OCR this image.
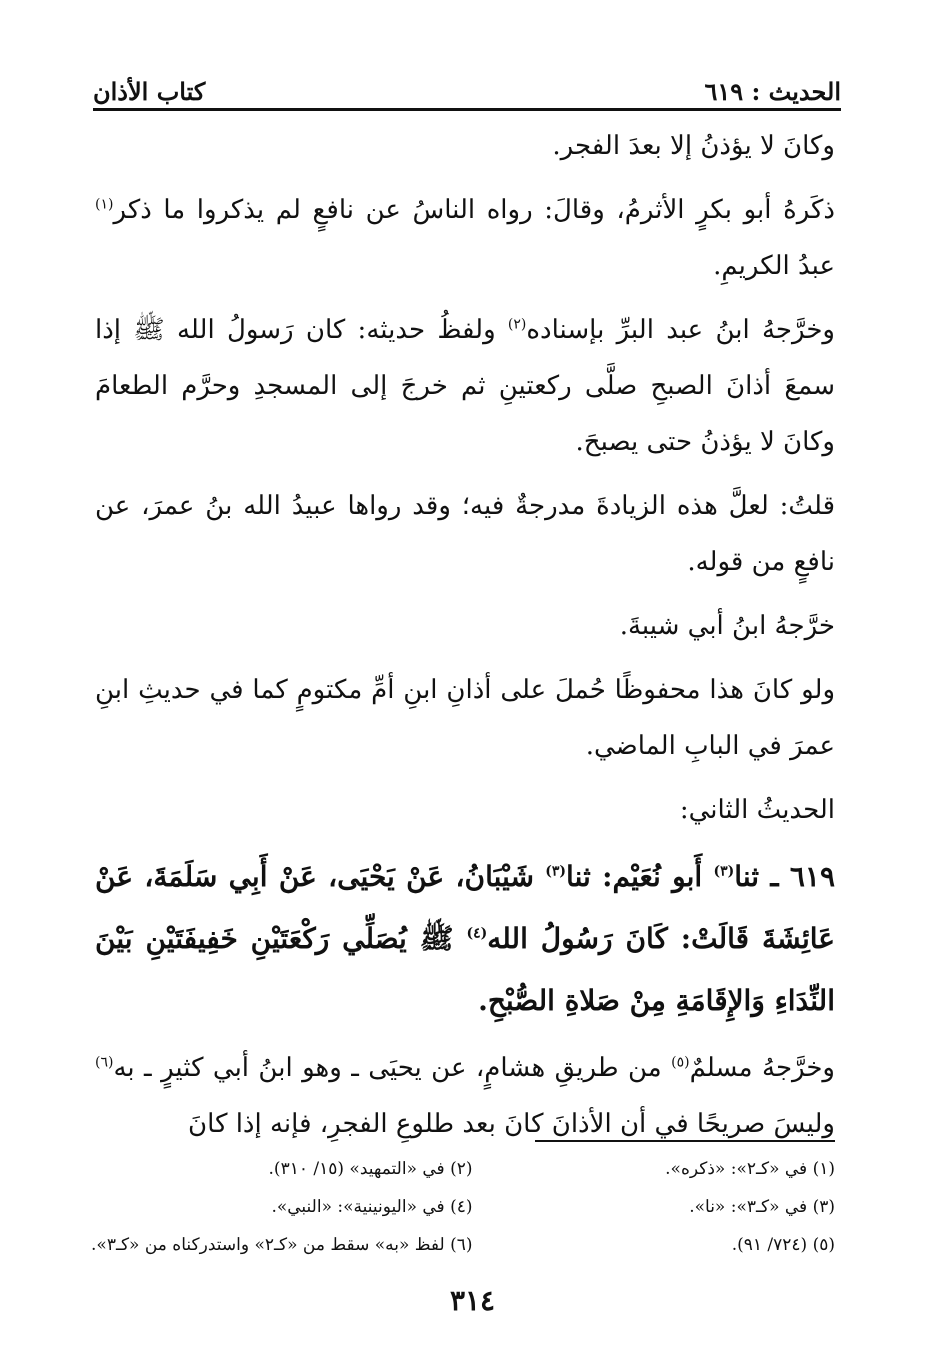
الحديث : ٦١٩
كتاب الأذان

وكانَ لا يؤذنُ إلا بعدَ الفجر.

ذكَرهُ أبو بكرٍ الأثرمُ، وقالَ: رواه الناسُ عن نافعٍ لم يذكروا ما ذكر$^{(١)}$ عبدُ الكريمِ.

وخرَّجهُ ابنُ عبد البرِّ بإسناده$^{(٢)}$ ولفظُ حديثه: كان رَسولُ الله ﷺ إذا سمعَ أذانَ الصبحِ صلَّى ركعتينِ ثم خرجَ إلى المسجدِ وحرَّم الطعامَ وكانَ لا يؤذنُ حتى يصبحَ.

قلتُ: لعلَّ هذه الزيادةَ مدرجةٌ فيه؛ وقد رواها عبيدُ الله بنُ عمرَ، عن نافعٍ من قوله.

خرَّجهُ ابنُ أبي شيبةَ.

ولو كانَ هذا محفوظًا حُملَ على أذانِ ابنِ أمِّ مكتومٍ كما في حديثِ ابنِ عمرَ في البابِ الماضي.

الحديثُ الثاني:

٦١٩ ـ ثنا$^{(٣)}$ أَبو نُعَيْم: ثنا$^{(٣)}$ شَيْبَانُ، عَنْ يَحْيَى، عَنْ أَبِي سَلَمَةَ، عَنْ عَائِشَةَ قَالَتْ: كَانَ رَسُولُ الله$^{(٤)}$ ﷺ يُصَلِّي رَكْعَتَيْنِ خَفِيفَتَيْنِ بَيْنَ النِّدَاءِ وَالإِقَامَةِ مِنْ صَلاةِ الصُّبْحِ.

وخرَّجهُ مسلمٌ$^{(٥)}$ من طريقِ هشامٍ، عن يحيَى ـ وهو ابنُ أبي كثيرٍ ـ به$^{(٦)}$ وليسَ صريحًا في أن الأذانَ كانَ بعد طلوعِ الفجرِ، فإنه إذا كانَ

(١) في «كـ٢»: «ذكره».
(٢) في «التمهيد» (١٥/ ٣١٠).
(٣) في «كـ٣»: «نا».
(٤) في «اليونينية»: «النبي».
(٥) (٧٢٤/ ٩١).
(٦) لفظ «به» سقط من «كـ٢» واستدركناه من «كـ٣».
٣١٤
